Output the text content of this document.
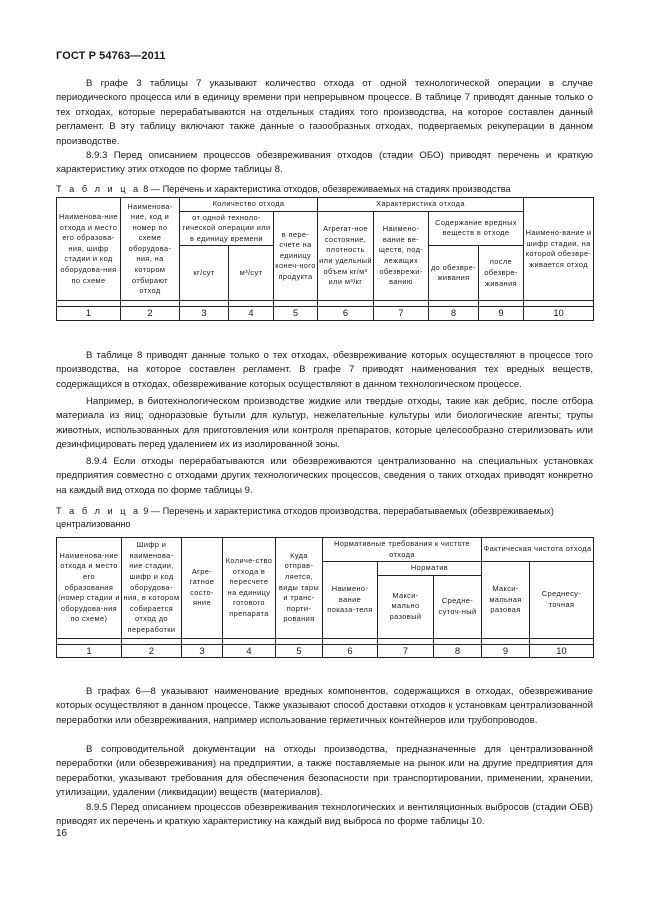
ГОСТ Р 54763—2011

В графе 3 таблицы 7 указывают количество отхода от одной технологической операции в случае периодического процесса или в единицу времени при непрерывном процессе. В таблице 7 приводят данные только о тех отходах, которые перерабатываются на отдельных стадиях того производства, на которое составлен данный регламент. В эту таблицу включают также данные о газообразных отходах, подвергаемых рекуперации в данном производстве.

8.9.3 Перед описанием процессов обезвреживания отходов (стадии ОБО) приводят перечень и краткую характеристику этих отходов по форме таблицы 8.

Т а б л и ц а 8 — Перечень и характеристика отходов, обезвреживаемых на стадиях производства
Наименова-ние отхода и место его образова-ния, шифр стадии и код оборудова-ния по схеме	Наименова-ние, код и номер по схеме оборудова-ния, на котором отбирают отход	Количество отхода			Характеристика отхода				Наимено-вание и шифр стадии, на которой обезвре-живается отход
		от одной техноло-гической операции или в единицу времени		в пере-счете на единицу конеч-ного продукта	Агрегат-ное состояние, плотность или удельный объем кг/м³ или м³/кг	Наимено-вание ве-ществ, под-лежащих обезврежи-ванию	Содержание вредных веществ в отходе		
		кг/сут	м³/сут				до обезвре-живания	после обезвре-живания	

1	2	3	4	5	6	7	8	9	10

В таблице 8 приводят данные только о тех отходах, обезвреживание которых осуществляют в процессе того производства, на которое составлен регламент. В графе 7 приводят наименования тех вредных веществ, содержащихся в отходах, обезвреживание которых осуществляют в данном технологическом процессе.

Например, в биотехнологическом производстве жидкие или твердые отходы, такие как дебрис, после отбора материала из яиц; одноразовые бутыли для культур, нежелательные культуры или биологические агенты; трупы животных, использованных для приготовления или контроля препаратов, которые целесообразно стерилизовать или дезинфицировать перед удалением их из изолированной зоны.

8.9.4 Если отходы перерабатываются или обезвреживаются централизованно на специальных установках предприятия совместно с отходами других технологических процессов, сведения о таких отходах приводят конкретно на каждый вид отхода по форме таблицы 9.

Т а б л и ц а 9 — Перечень и характеристика отходов производства, перерабатываемых (обезвреживаемых) централизованно
Наименова-ние отхода и место его образования (номер стадии и оборудова-ния по схеме)	Шифр и наименова-ние стадии, шифр и код оборудова-ния, в котором собирается отход до переработки	Агре-гатное состо-яние	Количе-ство отхода в пересчете на единицу готового препарата	Куда отправ-ляется, виды тары и транс-порти-рования	Нормативные требования к чистоте отхода			Фактическая чистота отхода	
					Наимено-вание показа-теля	Норматив		Макси-мальная разовая	Среднесу-точная
						Макси-мально разовый	Средне-суточ-ный		

1	2	3	4	5	6	7	8	9	10

В графах 6—8 указывают наименование вредных компонентов, содержащихся в отходах, обезвреживание которых осуществляют в данном процессе. Также указывают способ доставки отходов к установкам централизованной переработки или обезвреживания, например использование герметичных контейнеров или трубопроводов.

В сопроводительной документации на отходы производства, предназначенные для централизованной переработки (или обезвреживания) на предприятии, а также поставляемые на рынок или на другие предприятия для переработки, указывают требования для обеспечения безопасности при транспортировании, применении, хранении, утилизации, удалении (ликвидации) веществ (материалов).

8.9.5 Перед описанием процессов обезвреживания технологических и вентиляционных выбросов (стадии ОБВ) приводят их перечень и краткую характеристику на каждый вид выброса по форме таблицы 10.

16
